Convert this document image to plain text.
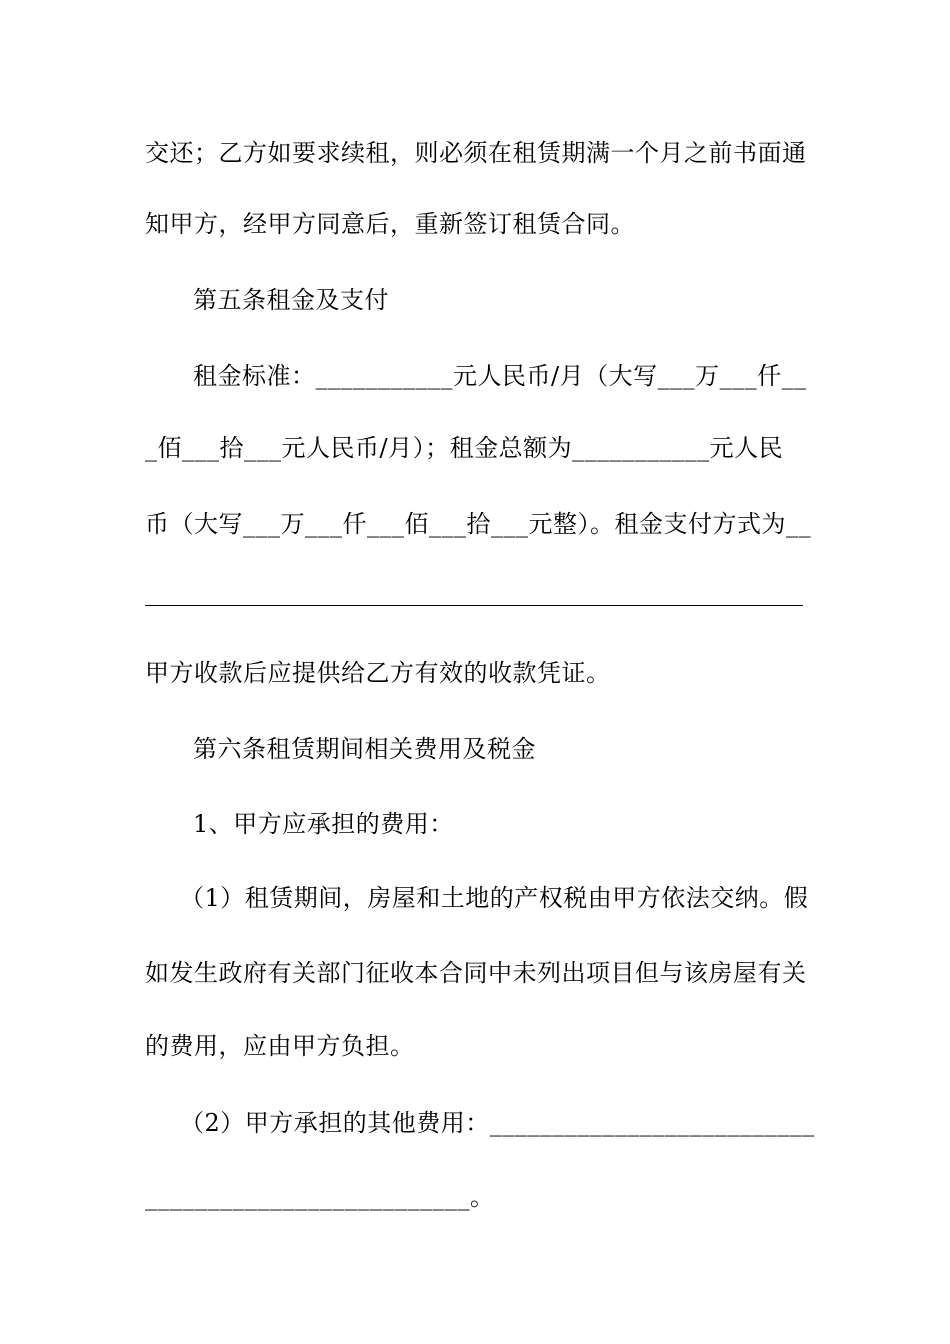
交还；乙方如要求续租，则必须在租赁期满一个月之前书面通
知甲方，经甲方同意后，重新签订租赁合同。
第五条租金及支付
租金标准：___________元人民币/月（大写___万___仟__
_佰___拾___元人民币/月）；租金总额为___________元人民
币（大写___万___仟___佰___拾___元整）。租金支付方式为__
甲方收款后应提供给乙方有效的收款凭证。
第六条租赁期间相关费用及税金
1、甲方应承担的费用：
（1）租赁期间，房屋和土地的产权税由甲方依法交纳。假
如发生政府有关部门征收本合同中未列出项目但与该房屋有关
的费用，应由甲方负担。
（2）甲方承担的其他费用：__________________________
__________________________。
